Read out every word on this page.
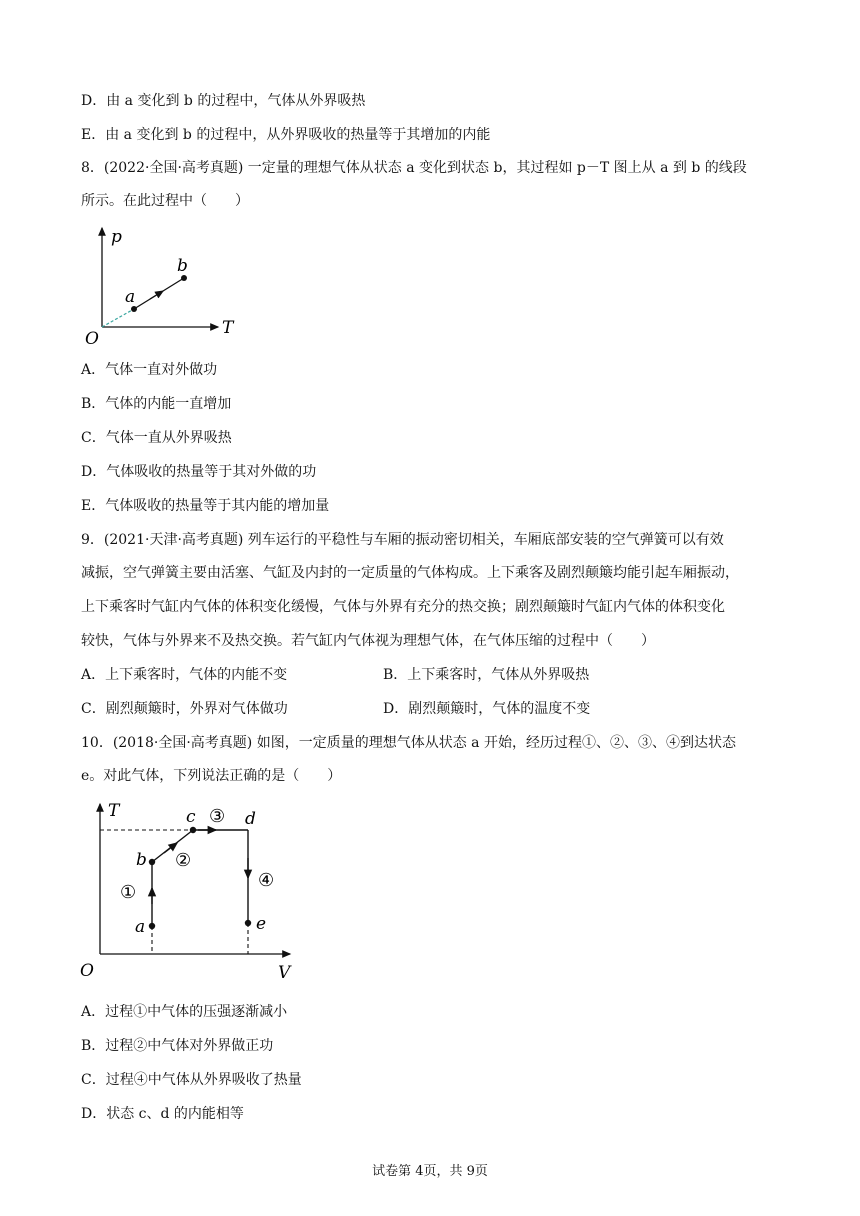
D．由 a 变化到 b 的过程中，气体从外界吸热
E．由 a 变化到 b 的过程中，从外界吸收的热量等于其增加的内能
8．(2022·全国·高考真题) 一定量的理想气体从状态 a 变化到状态 b，其过程如 p－T 图上从 a 到 b 的线段
所示。在此过程中（　　）
p
T
O
a
b
A．气体一直对外做功
B．气体的内能一直增加
C．气体一直从外界吸热
D．气体吸收的热量等于其对外做的功
E．气体吸收的热量等于其内能的增加量
9．(2021·天津·高考真题) 列车运行的平稳性与车厢的振动密切相关，车厢底部安装的空气弹簧可以有效
减振，空气弹簧主要由活塞、气缸及内封的一定质量的气体构成。上下乘客及剧烈颠簸均能引起车厢振动，
上下乘客时气缸内气体的体积变化缓慢，气体与外界有充分的热交换；剧烈颠簸时气缸内气体的体积变化
较快，气体与外界来不及热交换。若气缸内气体视为理想气体，在气体压缩的过程中（　　）
A．上下乘客时，气体的内能不变	B．上下乘客时，气体从外界吸热
C．剧烈颠簸时，外界对气体做功	D．剧烈颠簸时，气体的温度不变
10．(2018·全国·高考真题) 如图，一定质量的理想气体从状态 a 开始，经历过程①、②、③、④到达状态
e。对此气体，下列说法正确的是（　　）
T
V
O
a
b
c	d
e
①
②
③
④
A．过程①中气体的压强逐渐减小
B．过程②中气体对外界做正功
C．过程④中气体从外界吸收了热量
D．状态 c、d 的内能相等
试卷第 4页，共 9页
